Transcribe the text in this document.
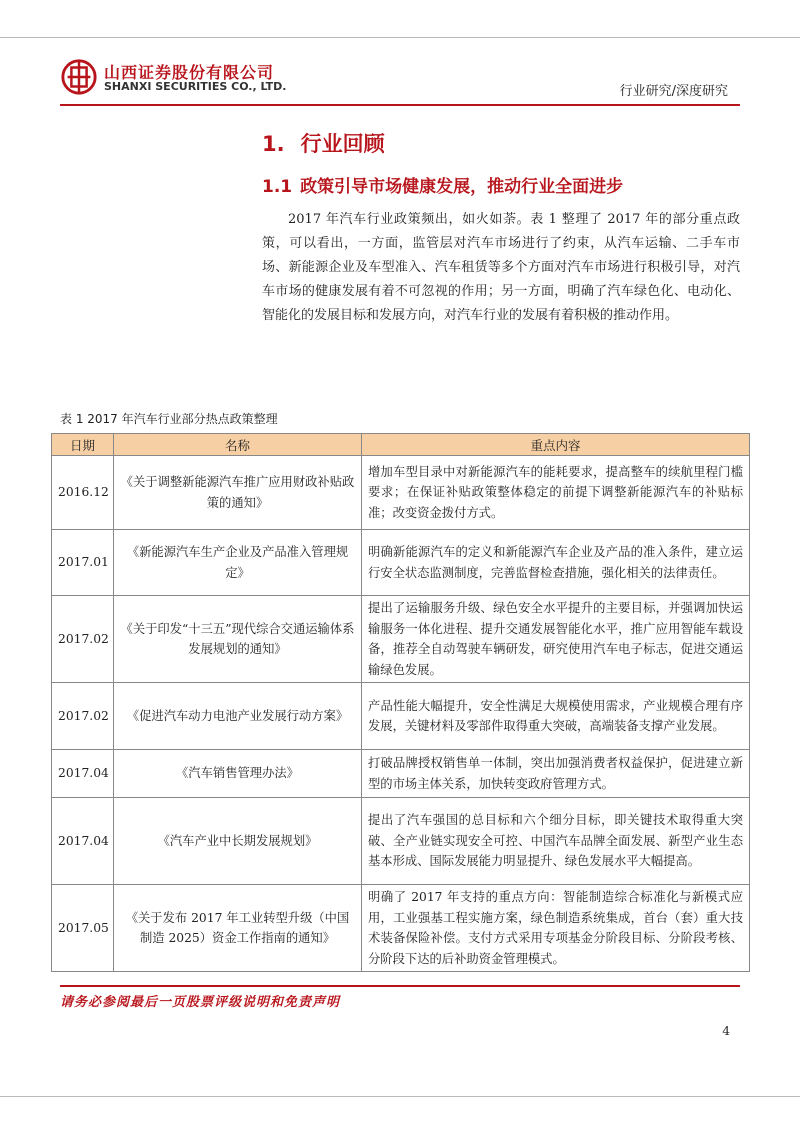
山西证券股份有限公司
SHANXI SECURITIES CO., LTD.	行业研究/深度研究
1. 行业回顾
1.1 政策引导市场健康发展，推动行业全面进步
2017 年汽车行业政策频出，如火如荼。表 1 整理了 2017 年的部分重点政策，可以看出，一方面，监管层对汽车市场进行了约束，从汽车运输、二手车市场、新能源企业及车型准入、汽车租赁等多个方面对汽车市场进行积极引导，对汽车市场的健康发展有着不可忽视的作用；另一方面，明确了汽车绿色化、电动化、智能化的发展目标和发展方向，对汽车行业的发展有着积极的推动作用。
表 1 2017 年汽车行业部分热点政策整理
日期	名称	重点内容
2016.12	《关于调整新能源汽车推广应用财政补贴政策的通知》	增加车型目录中对新能源汽车的能耗要求，提高整车的续航里程门槛要求；在保证补贴政策整体稳定的前提下调整新能源汽车的补贴标准；改变资金拨付方式。
2017.01	《新能源汽车生产企业及产品准入管理规定》	明确新能源汽车的定义和新能源汽车企业及产品的准入条件，建立运行安全状态监测制度，完善监督检查措施，强化相关的法律责任。
2017.02	《关于印发“十三五”现代综合交通运输体系发展规划的通知》	提出了运输服务升级、绿色安全水平提升的主要目标，并强调加快运输服务一体化进程、提升交通发展智能化水平，推广应用智能车载设备，推荐全自动驾驶车辆研发，研究使用汽车电子标志，促进交通运输绿色发展。
2017.02	《促进汽车动力电池产业发展行动方案》	产品性能大幅提升，安全性满足大规模使用需求，产业规模合理有序发展，关键材料及零部件取得重大突破，高端装备支撑产业发展。
2017.04	《汽车销售管理办法》	打破品牌授权销售单一体制，突出加强消费者权益保护，促进建立新型的市场主体关系，加快转变政府管理方式。
2017.04	《汽车产业中长期发展规划》	提出了汽车强国的总目标和六个细分目标，即关键技术取得重大突破、全产业链实现安全可控、中国汽车品牌全面发展、新型产业生态基本形成、国际发展能力明显提升、绿色发展水平大幅提高。
2017.05	《关于发布 2017 年工业转型升级（中国制造 2025）资金工作指南的通知》	明确了 2017 年支持的重点方向：智能制造综合标准化与新模式应用，工业强基工程实施方案，绿色制造系统集成，首台（套）重大技术装备保险补偿。支付方式采用专项基金分阶段目标、分阶段考核、分阶段下达的后补助资金管理模式。
请务必参阅最后一页股票评级说明和免责声明
4
